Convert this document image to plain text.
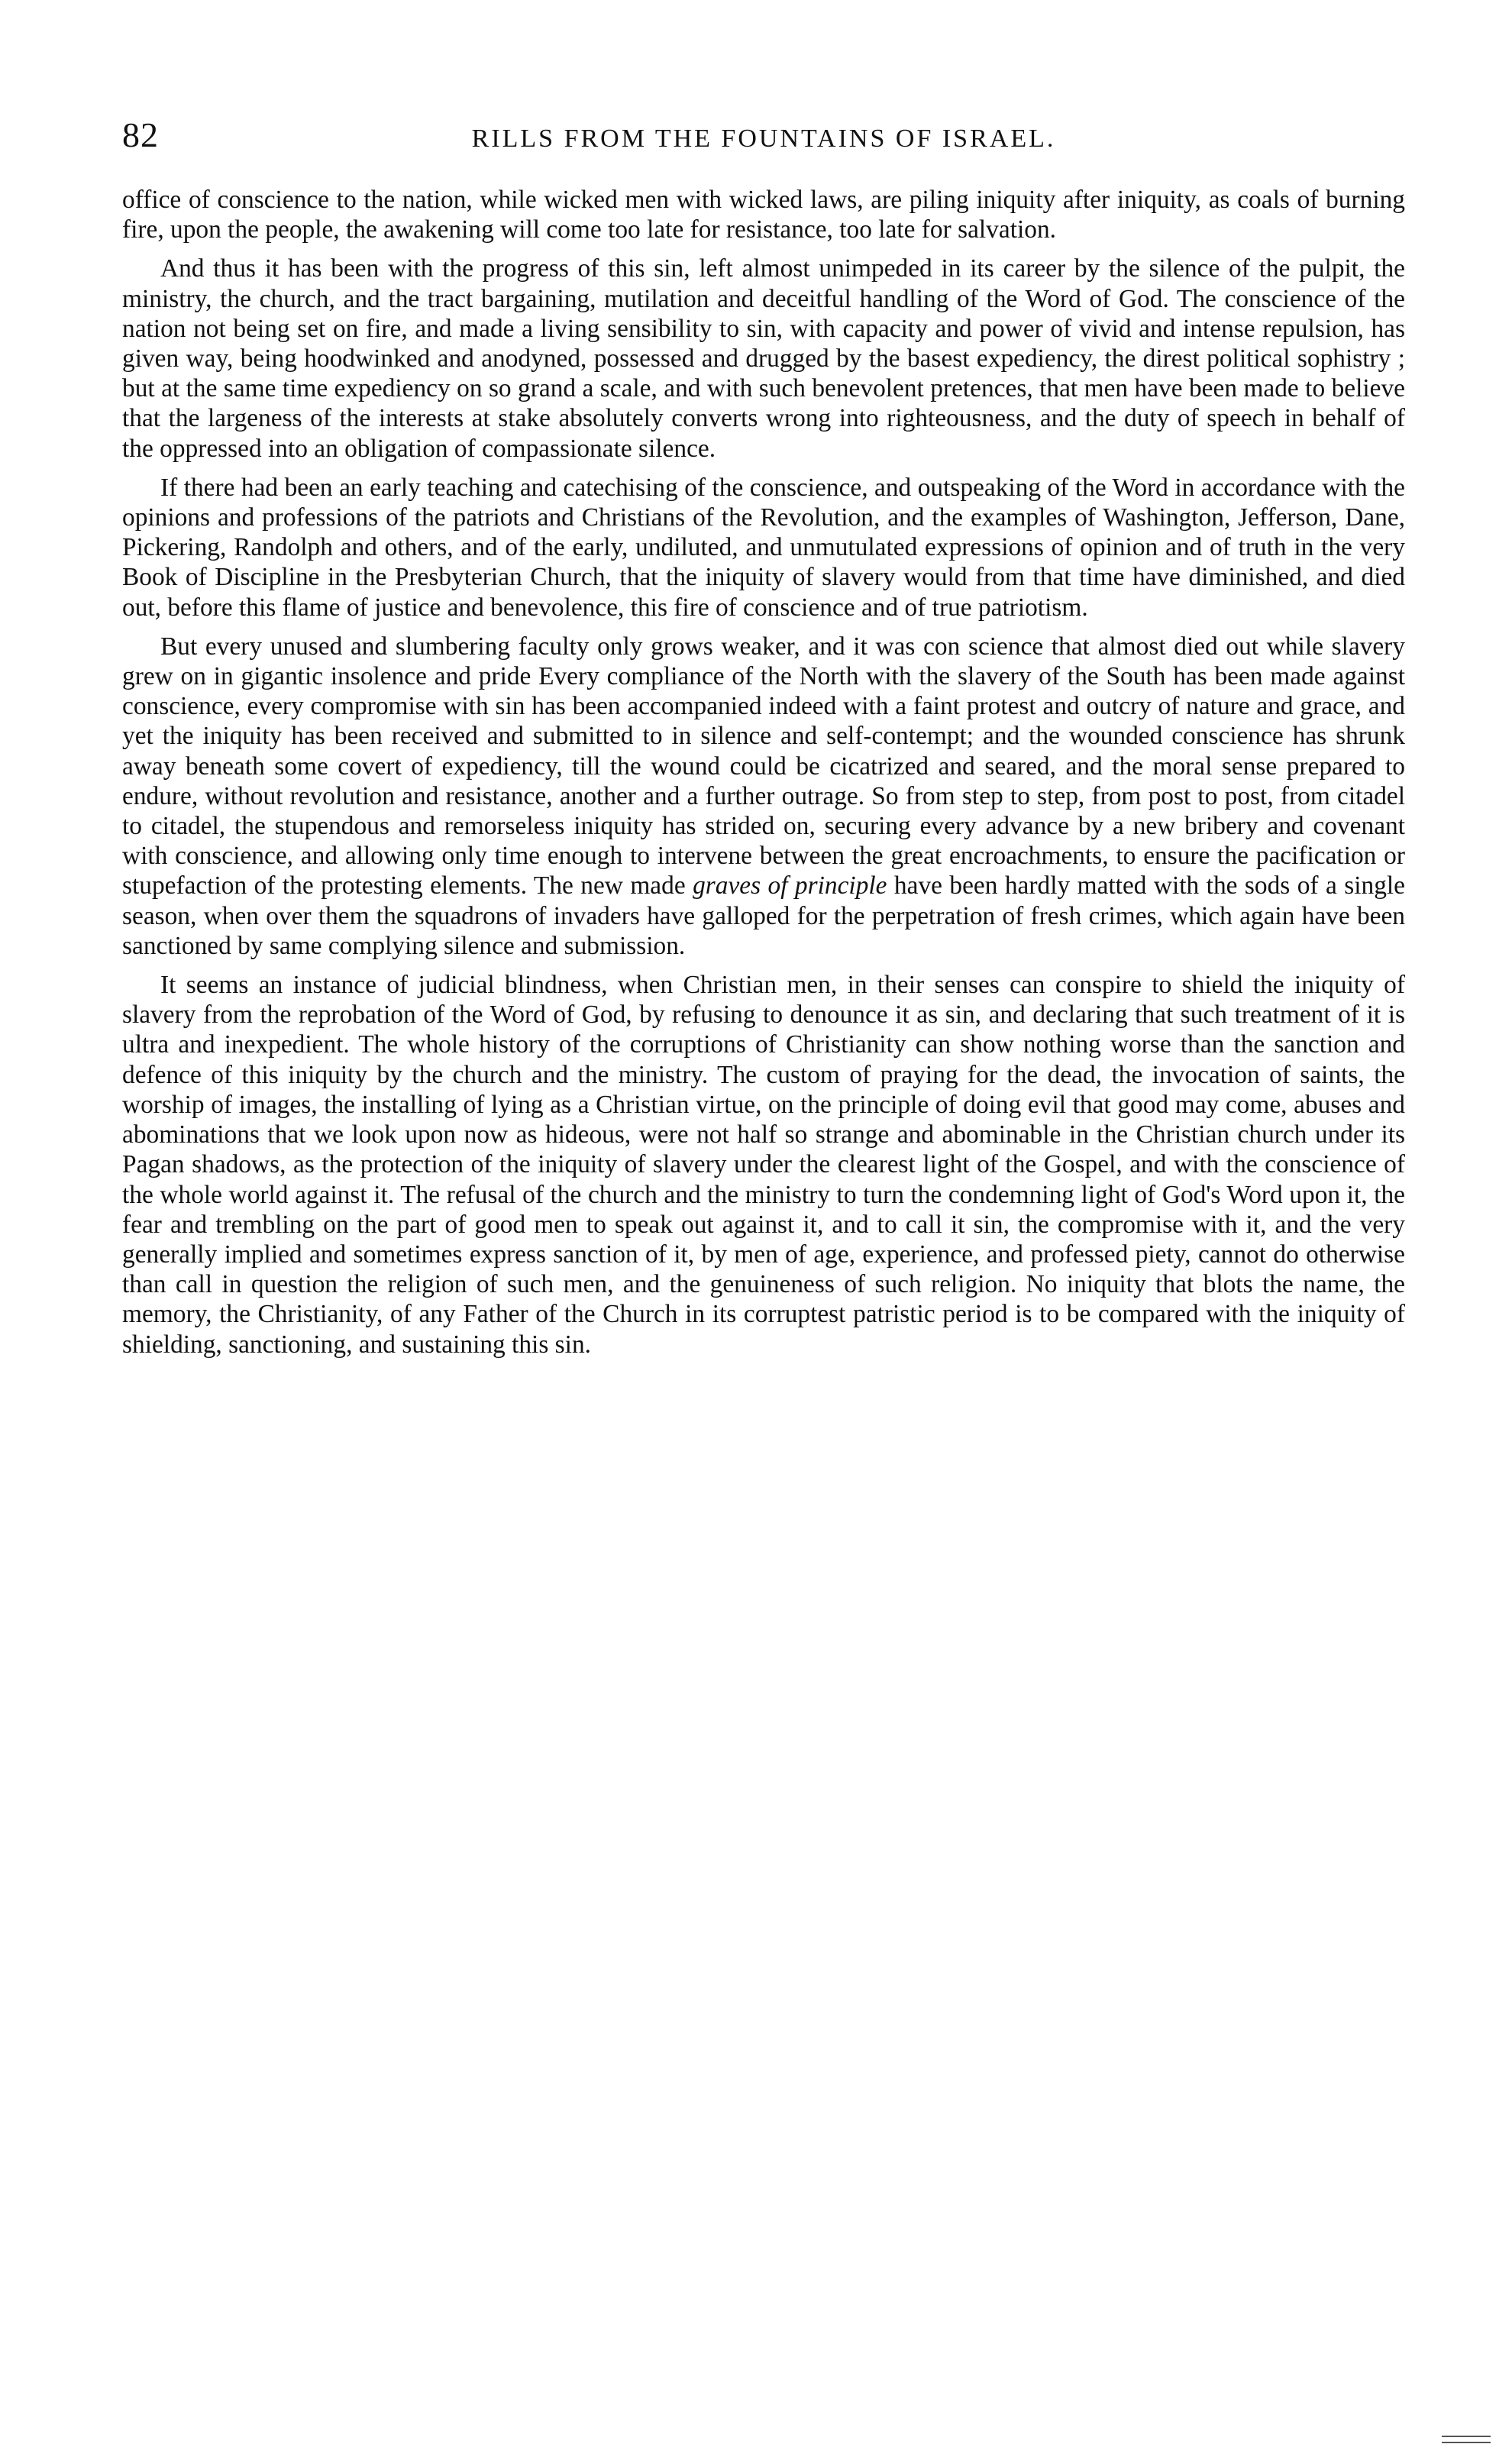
82	RILLS FROM THE FOUNTAINS OF ISRAEL.

office of conscience to the nation, while wicked men with wicked laws, are piling iniquity after iniquity, as coals of burning fire, upon the people, the awakening will come too late for resistance, too late for salvation.

And thus it has been with the progress of this sin, left almost unimpeded in its career by the silence of the pulpit, the ministry, the church, and the tract bargaining, mutilation and deceitful handling of the Word of God. The conscience of the nation not being set on fire, and made a living sensibility to sin, with capacity and power of vivid and intense repulsion, has given way, being hoodwinked and anodyned, possessed and drugged by the basest expediency, the direst political sophistry ; but at the same time expediency on so grand a scale, and with such benevolent pretences, that men have been made to believe that the largeness of the interests at stake absolutely converts wrong into righteousness, and the duty of speech in behalf of the oppressed into an obligation of compassionate silence.

If there had been an early teaching and catechising of the conscience, and outspeaking of the Word in accordance with the opinions and professions of the patriots and Christians of the Revolution, and the examples of Washington, Jefferson, Dane, Pickering, Randolph and others, and of the early, undiluted, and unmutulated expressions of opinion and of truth in the very Book of Discipline in the Presbyterian Church, that the iniquity of slavery would from that time have diminished, and died out, before this flame of justice and benevolence, this fire of conscience and of true patriotism.

But every unused and slumbering faculty only grows weaker, and it was con science that almost died out while slavery grew on in gigantic insolence and pride Every compliance of the North with the slavery of the South has been made against conscience, every compromise with sin has been accompanied indeed with a faint protest and outcry of nature and grace, and yet the iniquity has been received and submitted to in silence and self-contempt; and the wounded conscience has shrunk away beneath some covert of expediency, till the wound could be cicatrized and seared, and the moral sense prepared to endure, without revolution and resistance, another and a further outrage. So from step to step, from post to post, from citadel to citadel, the stupendous and remorseless iniquity has strided on, securing every advance by a new bribery and covenant with conscience, and allowing only time enough to intervene between the great encroachments, to ensure the pacification or stupefaction of the protesting elements. The new made graves of principle have been hardly matted with the sods of a single season, when over them the squadrons of invaders have galloped for the perpetration of fresh crimes, which again have been sanctioned by same complying silence and submission.

It seems an instance of judicial blindness, when Christian men, in their senses can conspire to shield the iniquity of slavery from the reprobation of the Word of God, by refusing to denounce it as sin, and declaring that such treatment of it is ultra and inexpedient. The whole history of the corruptions of Christianity can show nothing worse than the sanction and defence of this iniquity by the church and the ministry. The custom of praying for the dead, the invocation of saints, the worship of images, the installing of lying as a Christian virtue, on the principle of doing evil that good may come, abuses and abominations that we look upon now as hideous, were not half so strange and abominable in the Christian church under its Pagan shadows, as the protection of the iniquity of slavery under the clearest light of the Gospel, and with the conscience of the whole world against it. The refusal of the church and the ministry to turn the condemning light of God's Word upon it, the fear and trembling on the part of good men to speak out against it, and to call it sin, the compromise with it, and the very generally implied and sometimes express sanction of it, by men of age, experience, and professed piety, cannot do otherwise than call in question the religion of such men, and the genuineness of such religion. No iniquity that blots the name, the memory, the Christianity, of any Father of the Church in its corruptest patristic period is to be compared with the iniquity of shielding, sanctioning, and sustaining this sin.
